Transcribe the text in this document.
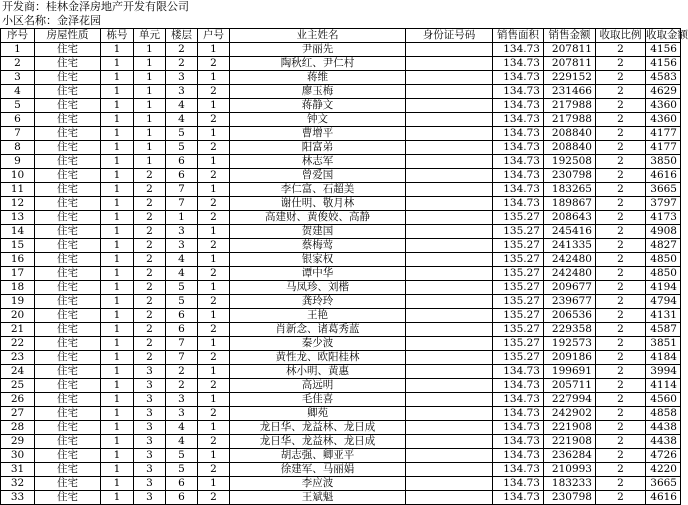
开发商：桂林金泽房地产开发有限公司
小区名称：金泽花园
序号	房屋性质	栋号	单元	楼层	户号	业主姓名	身份证号码	销售面积	销售金额	收取比例	收取金额
1	住宅	1	1	2	1	尹丽先		134.73	207811	2	4156
2	住宅	1	1	2	2	陶秋红、尹仁村		134.73	207811	2	4156
3	住宅	1	1	3	1	蒋维		134.73	229152	2	4583
4	住宅	1	1	3	2	廖玉梅		134.73	231466	2	4629
5	住宅	1	1	4	1	蒋静文		134.73	217988	2	4360
6	住宅	1	1	4	2	钟文		134.73	217988	2	4360
7	住宅	1	1	5	1	曹增平		134.73	208840	2	4177
8	住宅	1	1	5	2	阳富弟		134.73	208840	2	4177
9	住宅	1	1	6	1	林志军		134.73	192508	2	3850
10	住宅	1	2	6	2	曾爱国		134.73	230798	2	4616
11	住宅	1	2	7	1	李仁富、石超美		134.73	183265	2	3665
12	住宅	1	2	7	2	谢仕明、敬月林		134.73	189867	2	3797
13	住宅	1	2	1	2	高建财、黄俊姣、高静		135.27	208643	2	4173
14	住宅	1	2	3	1	贺建国		135.27	245416	2	4908
15	住宅	1	2	3	2	蔡梅莺		135.27	241335	2	4827
16	住宅	1	2	4	1	银家权		135.27	242480	2	4850
17	住宅	1	2	4	2	谭中华		135.27	242480	2	4850
18	住宅	1	2	5	1	马凤珍、刘楷		135.27	209677	2	4194
19	住宅	1	2	5	2	龚玲玲		135.27	239677	2	4794
20	住宅	1	2	6	1	王艳		135.27	206536	2	4131
21	住宅	1	2	6	2	肖新念、诸葛秀蓝		135.27	229358	2	4587
22	住宅	1	2	7	1	秦少波		135.27	192573	2	3851
23	住宅	1	2	7	2	黄性龙、欧阳桂林		135.27	209186	2	4184
24	住宅	1	3	2	1	林小明、黄惠		134.73	199691	2	3994
25	住宅	1	3	2	2	高远明		134.73	205711	2	4114
26	住宅	1	3	3	1	毛佳喜		134.73	227994	2	4560
27	住宅	1	3	3	2	卿苑		134.73	242902	2	4858
28	住宅	1	3	4	1	龙日华、龙益林、龙日成		134.73	221908	2	4438
29	住宅	1	3	4	2	龙日华、龙益林、龙日成		134.73	221908	2	4438
30	住宅	1	3	5	1	胡志强、卿亚平		134.73	236284	2	4726
31	住宅	1	3	5	2	徐建军、马丽娟		134.73	210993	2	4220
32	住宅	1	3	6	1	李应波		134.73	183233	2	3665
33	住宅	1	3	6	2	王斌魁		134.73	230798	2	4616
